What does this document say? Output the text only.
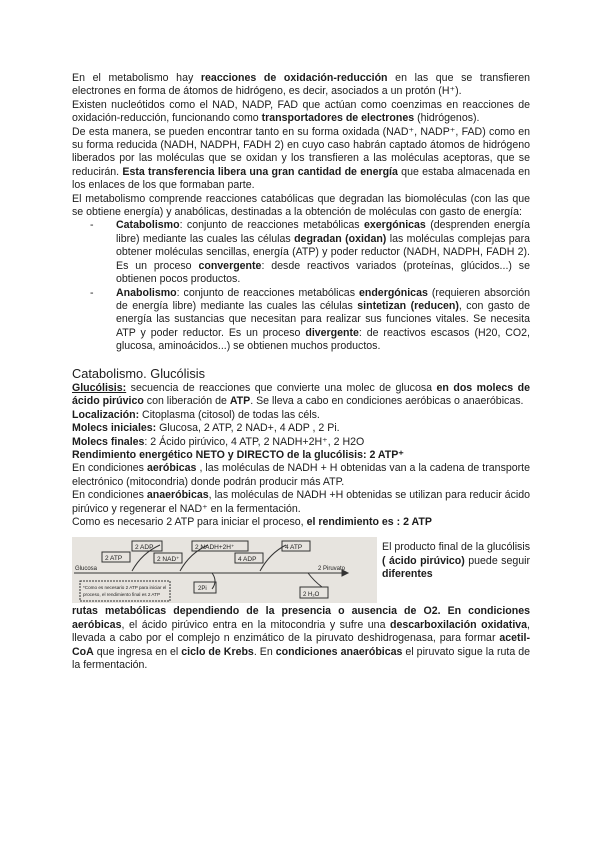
En el metabolismo hay reacciones de oxidación-reducción en las que se transfieren electrones en forma de átomos de hidrógeno, es decir, asociados a un protón (H⁺).

Existen nucleótidos como el NAD, NADP, FAD que actúan como coenzimas en reacciones de oxidación-reducción, funcionando como transportadores de electrones (hidrógenos).

De esta manera, se pueden encontrar tanto en su forma oxidada (NAD⁺, NADP⁺, FAD) como en su forma reducida (NADH, NADPH, FADH 2) en cuyo caso habrán captado átomos de hidrógeno liberados por las moléculas que se oxidan y los transfieren a las moléculas aceptoras, que se reducirán. Esta transferencia libera una gran cantidad de energía que estaba almacenada en los enlaces de los que formaban parte.

El metabolismo comprende reacciones catabólicas que degradan las biomoléculas (con las que se obtiene energía) y anabólicas, destinadas a la obtención de moléculas con gasto de energía:

- Catabolismo: conjunto de reacciones metabólicas exergónicas (desprenden energía libre) mediante las cuales las células degradan (oxidan) las moléculas complejas para obtener moléculas sencillas, energía (ATP) y poder reductor (NADH, NADPH, FADH 2). Es un proceso convergente: desde reactivos variados (proteínas, glúcidos...) se obtienen pocos productos.
- Anabolismo: conjunto de reacciones metabólicas endergónicas (requieren absorción de energía libre) mediante las cuales las células sintetizan (reducen), con gasto de energía las sustancias que necesitan para realizar sus funciones vitales. Se necesita ATP y poder reductor. Es un proceso divergente: de reactivos escasos (H20, CO2, glucosa, aminoácidos...) se obtienen muchos productos.
Catabolismo. Glucólisis

Glucólisis: secuencia de reacciones que convierte una molec de glucosa en dos molecs de ácido pirúvico con liberación de ATP. Se lleva a cabo en condiciones aeróbicas o anaeróbicas.

Localización: Citoplasma (citosol) de todas las céls.

Molecs iniciales: Glucosa, 2 ATP, 2 NAD+, 4 ADP , 2 Pi.

Molecs finales: 2 Ácido pirúvico, 4 ATP, 2 NADH+2H⁺, 2 H2O

Rendimiento energético NETO y DIRECTO de la glucólisis: 2 ATP⁺

En condiciones aeróbicas , las moléculas de NADH + H obtenidas van a la cadena de transporte electrónico (mitocondria) donde podrán producir más ATP.

En condiciones anaeróbicas, las moléculas de NADH +H obtenidas se utilizan para reducir ácido pirúvico y regenerar el NAD⁺ en la fermentación.

Como es necesario 2 ATP para iniciar el proceso, el rendimiento es : 2 ATP

2 ADP
2 ATP	2 NAD⁺
2 NADH+2H⁺
4 ADP
4 ATP
Glucosa	2 Piruvato
2Pi
2 H₂O
*Como es necesario 2 ATP para iniciar el
proceso, el rendimiento final es 2 ATP

El producto final de la glucólisis ( ácido pirúvico) puede seguir diferentes

rutas metabólicas dependiendo de la presencia o ausencia de O2. En condiciones aeróbicas, el ácido pirúvico entra en la mitocondria y sufre una descarboxilación oxidativa, llevada a cabo por el complejo n enzimático de la piruvato deshidrogenasa, para formar acetil- CoA que ingresa en el ciclo de Krebs. En condiciones anaeróbicas el piruvato sigue la ruta de la fermentación.
